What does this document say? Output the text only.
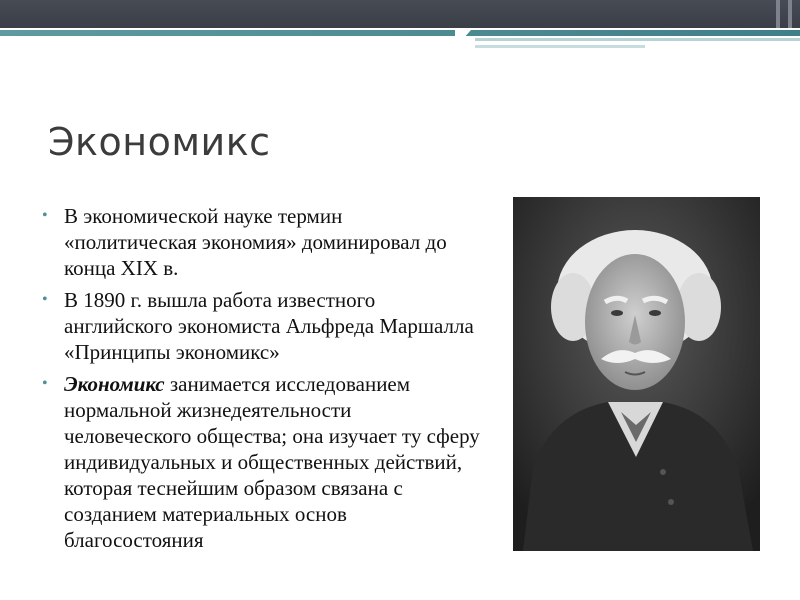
Экономикс
• В экономической науке термин «политическая экономия» доминировал до конца XIX в.
• В 1890 г. вышла работа известного английского экономиста Альфреда Маршалла «Принципы экономикс»
• Экономикс занимается исследованием нормальной жизнедеятельности человеческого общества; она изучает ту сферу индивидуальных и общественных действий, которая теснейшим образом связана с созданием материальных основ благосостояния
